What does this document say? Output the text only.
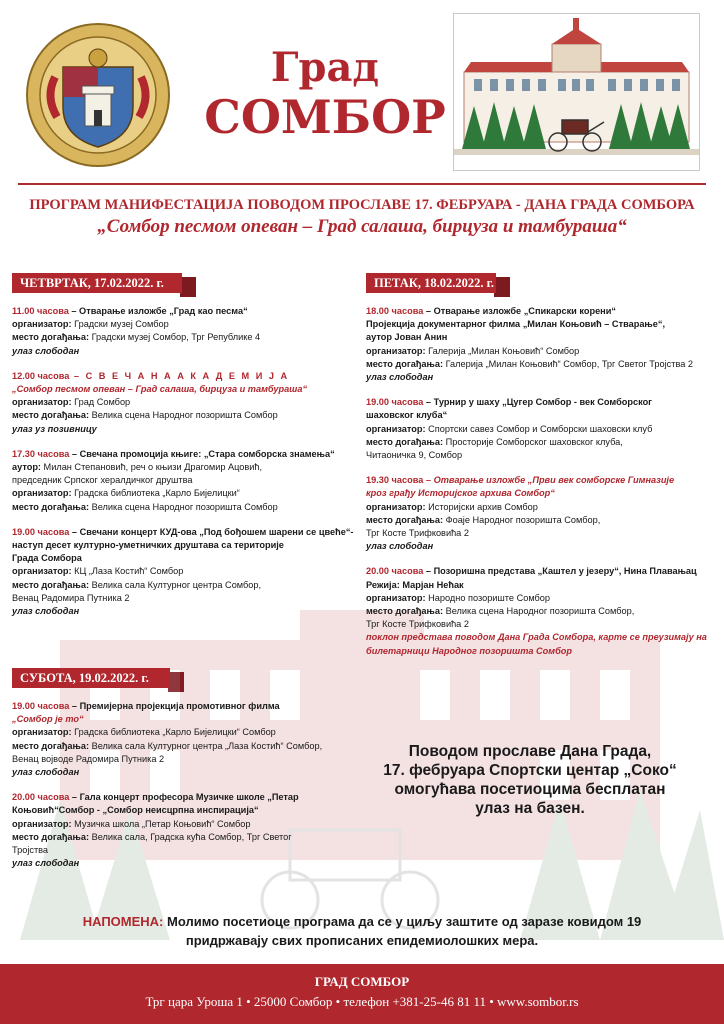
Град
СОМБОР
ПРОГРАМ МАНИФЕСТАЦИЈА ПОВОДОМ ПРОСЛАВЕ 17. ФЕБРУАРА - ДАНА ГРАДА СОМБОРА
„Сомбор песмом опеван – Град салаша, бирцуза и тамбураша“
ЧЕТВРТАК, 17.02.2022. г.
11.00 часова – Отварање изложбе „Град као песма“
организатор: Градски музеј Сомбор
место догађања: Градски музеј Сомбор, Трг Републике 4
улаз слободан
12.00 часова – С В Е Ч А Н А А К А Д Е М И Ј А
„Сомбор песмом опеван – Град салаша, бирцуза и тамбураша“
организатор: Град Сомбор
место догађања: Велика сцена Народног позоришта Сомбор
улаз уз позивницу
17.30 часова – Свечана промоција књиге: „Стара сомборска знамења“
аутор: Милан Степановић, реч о књизи Драгомир Ацовић,
председник Српског хералдичког друштва
организатор: Градска библиотека „Карло Бијелицки“
место догађања: Велика сцена Народног позоришта Сомбор
19.00 часова – Свечани концерт КУД-ова „Под бођошем шарени се цвеће“-
наступ десет културно-уметничких друштава са територије
Града Сомбора
организатор: КЦ „Лаза Костић“ Сомбор
место догађања: Велика сала Културног центра Сомбор,
Венац Радомира Путника 2
улаз слободан
СУБОТА, 19.02.2022. г.
19.00 часова – Премијерна пројекција промотивног филма
„Сомбор је то“
организатор: Градска библиотека „Карло Бијелицки“ Сомбор
место догађања: Велика сала Културног центра „Лаза Костић“ Сомбор,
Венац војводе Радомира Путника 2
улаз слободан
20.00 часова – Гала концерт професора Музичке школе „Петар
Коњовић“Сомбор - „Сомбор неисцрпна инспирација“
организатор: Музичка школа „Петар Коњовић“ Сомбор
место догађања: Велика сала, Градска кућа Сомбор, Трг Светог
Тројства
улаз слободан
ПЕТАК, 18.02.2022. г.
18.00 часова – Отварање изложбе „Спикарски корени“
Пројекција документарног филма „Милан Коњовић – Стварање“,
аутор Јован Анин
организатор: Галерија „Милан Коњовић“ Сомбор
место догађања: Галерија „Милан Коњовић“ Сомбор, Трг Светог Тројства 2
улаз слободан
19.00 часова – Турнир у шаху „Цугер Сомбор - век Сомборског
шаховског клуба“
организатор: Спортски савез Сомбор и Сомборски шаховски клуб
место догађања: Просторије Сомборског шаховског клуба,
Читаоничка 9, Сомбор
19.30 часова – Отварање изложбе „Први век сомборске Гимназије
кроз грађу Историјског архива Сомбор“
организатор: Историјски архив Сомбор
место догађања: Фоаје Народног позоришта Сомбор,
Трг Косте Трифковића 2
улаз слободан
20.00 часова – Позоришна представа „Каштел у језеру“, Нина Плавањац
Режија: Марјан Нећак
организатор: Народно позориште Сомбор
место догађања: Велика сцена Народног позоришта Сомбор,
Трг Косте Трифковића 2
поклон представа поводом Дана Града Сомбора, карте се преузимају на билетарници Народног позоришта Сомбор
Поводом прославе Дана Града,
17. фебруара Спортски центар „Соко“
омогућава посетиоцима бесплатан
улаз на базен.
НАПОМЕНА: Молимо посетиоце програма да се у циљу заштите од заразе ковидом 19
придржавају свих прописаних епидемиолошких мера.
ГРАД СОМБОР
Трг цара Уроша 1 • 25000 Сомбор • телефон +381-25-46 81 11 • www.sombor.rs
